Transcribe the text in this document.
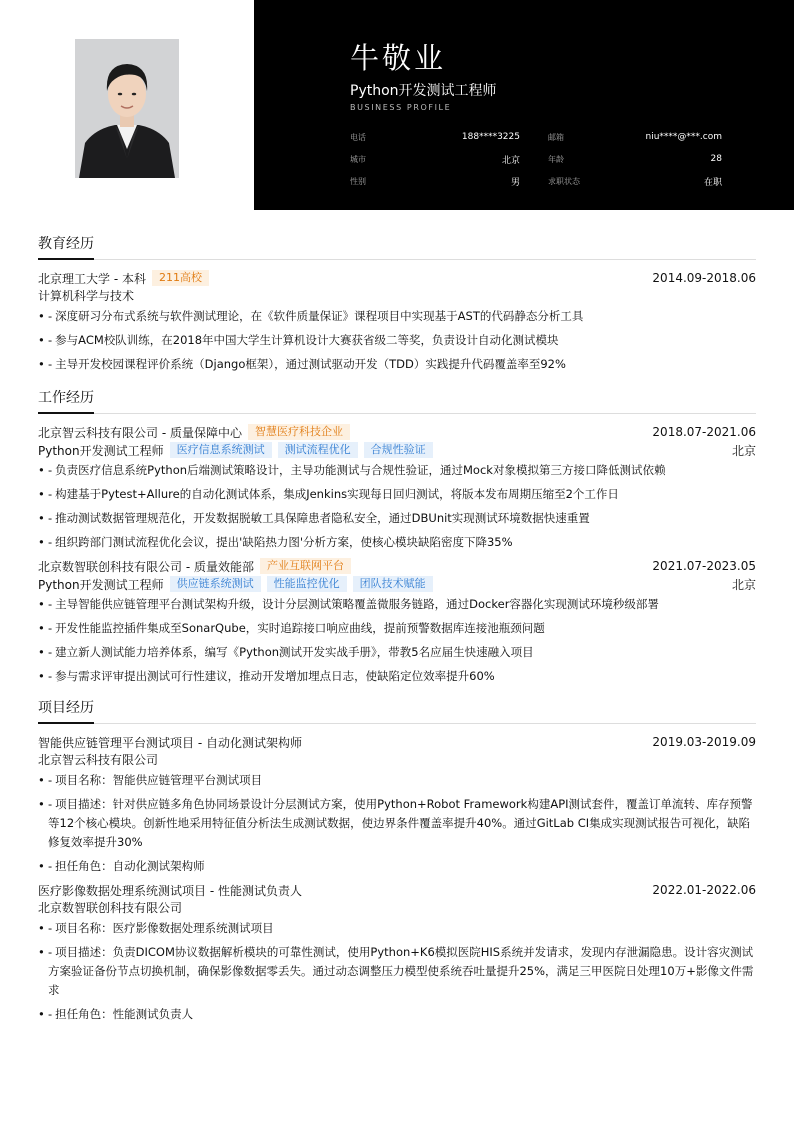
牛敬业
Python开发测试工程师
BUSINESS PROFILE
电话	188****3225	邮箱	niu****@***.com
城市	北京	年龄	28
性别	男	求职状态	在职
教育经历
北京理工大学 - 本科	211高校	2014.09-2018.06
计算机科学与技术
• - 深度研习分布式系统与软件测试理论，在《软件质量保证》课程项目中实现基于AST的代码静态分析工具
• - 参与ACM校队训练，在2018年中国大学生计算机设计大赛获省级二等奖，负责设计自动化测试模块
• - 主导开发校园课程评价系统（Django框架），通过测试驱动开发（TDD）实践提升代码覆盖率至92%
工作经历
北京智云科技有限公司 - 质量保障中心	智慧医疗科技企业	2018.07-2021.06
Python开发测试工程师	医疗信息系统测试	测试流程优化	合规性验证	北京
• - 负责医疗信息系统Python后端测试策略设计，主导功能测试与合规性验证，通过Mock对象模拟第三方接口降低测试依赖
• - 构建基于Pytest+Allure的自动化测试体系，集成Jenkins实现每日回归测试，将版本发布周期压缩至2个工作日
• - 推动测试数据管理规范化，开发数据脱敏工具保障患者隐私安全，通过DBUnit实现测试环境数据快速重置
• - 组织跨部门测试流程优化会议，提出'缺陷热力图'分析方案，使核心模块缺陷密度下降35%
北京数智联创科技有限公司 - 质量效能部	产业互联网平台	2021.07-2023.05
Python开发测试工程师	供应链系统测试	性能监控优化	团队技术赋能	北京
• - 主导智能供应链管理平台测试架构升级，设计分层测试策略覆盖微服务链路，通过Docker容器化实现测试环境秒级部署
• - 开发性能监控插件集成至SonarQube，实时追踪接口响应曲线，提前预警数据库连接池瓶颈问题
• - 建立新人测试能力培养体系，编写《Python测试开发实战手册》，带教5名应届生快速融入项目
• - 参与需求评审提出测试可行性建议，推动开发增加埋点日志，使缺陷定位效率提升60%
项目经历
智能供应链管理平台测试项目 - 自动化测试架构师	2019.03-2019.09
北京智云科技有限公司
• - 项目名称：智能供应链管理平台测试项目
• - 项目描述：针对供应链多角色协同场景设计分层测试方案，使用Python+Robot Framework构建API测试套件，覆盖订单流转、库存预警等12个核心模块。创新性地采用特征值分析法生成测试数据，使边界条件覆盖率提升40%。通过GitLab CI集成实现测试报告可视化，缺陷修复效率提升30%
• - 担任角色：自动化测试架构师
医疗影像数据处理系统测试项目 - 性能测试负责人	2022.01-2022.06
北京数智联创科技有限公司
• - 项目名称：医疗影像数据处理系统测试项目
• - 项目描述：负责DICOM协议数据解析模块的可靠性测试，使用Python+K6模拟医院HIS系统并发请求，发现内存泄漏隐患。设计容灾测试方案验证备份节点切换机制，确保影像数据零丢失。通过动态调整压力模型使系统吞吐量提升25%，满足三甲医院日处理10万+影像文件需求
• - 担任角色：性能测试负责人
